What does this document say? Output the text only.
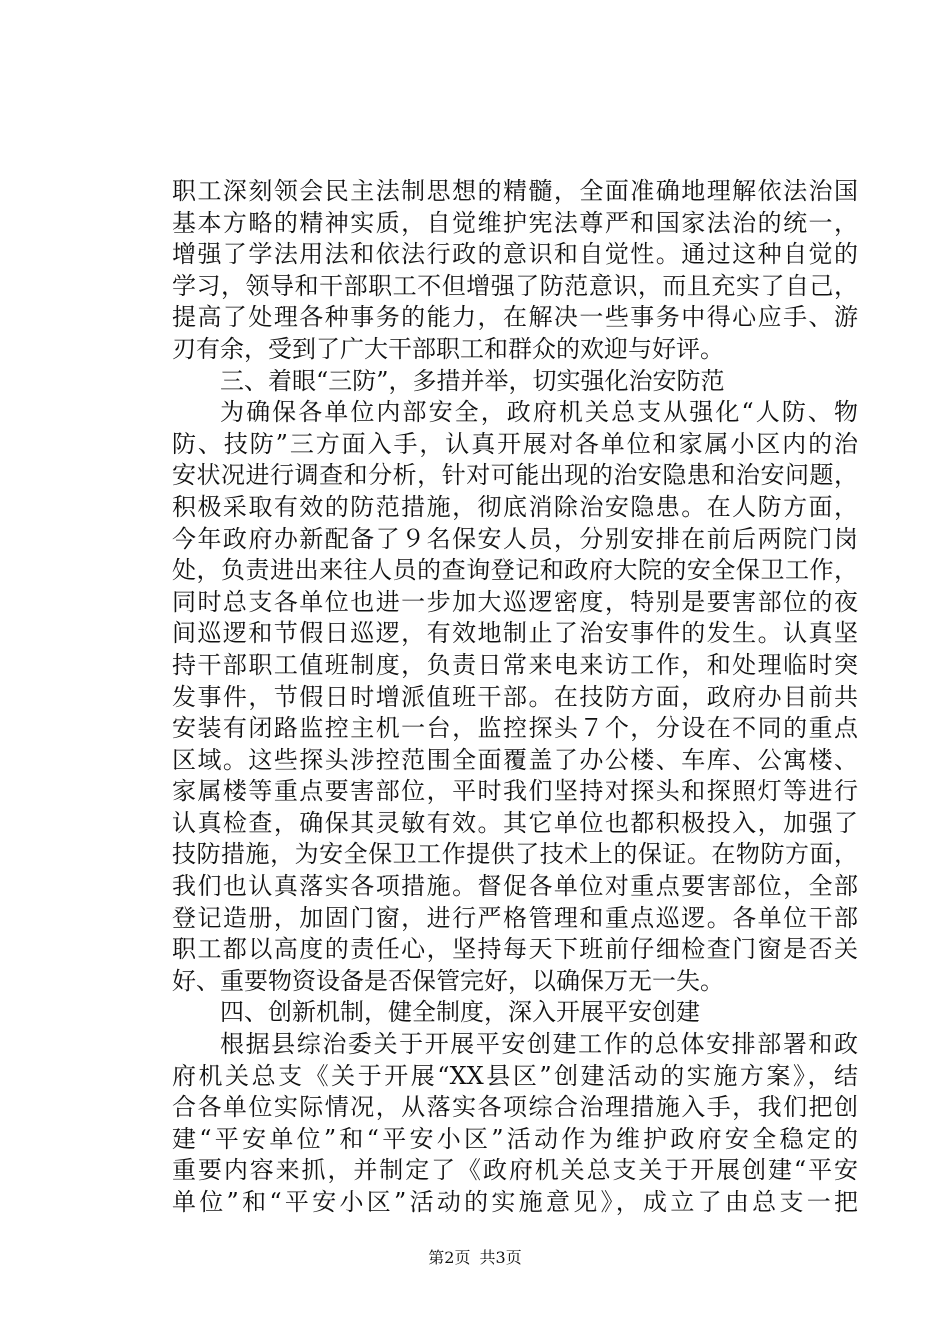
职工深刻领会民主法制思想的精髓，全面准确地理解依法治国
基本方略的精神实质，自觉维护宪法尊严和国家法治的统一，
增强了学法用法和依法行政的意识和自觉性。通过这种自觉的
学习，领导和干部职工不但增强了防范意识，而且充实了自己，
提高了处理各种事务的能力，在解决一些事务中得心应手、游
刃有余，受到了广大干部职工和群众的欢迎与好评。
三、着眼“三防”，多措并举，切实强化治安防范
为确保各单位内部安全，政府机关总支从强化“人防、物
防、技防”三方面入手，认真开展对各单位和家属小区内的治
安状况进行调查和分析，针对可能出现的治安隐患和治安问题，
积极采取有效的防范措施，彻底消除治安隐患。在人防方面，
今年政府办新配备了９名保安人员，分别安排在前后两院门岗
处，负责进出来往人员的查询登记和政府大院的安全保卫工作，
同时总支各单位也进一步加大巡逻密度，特别是要害部位的夜
间巡逻和节假日巡逻，有效地制止了治安事件的发生。认真坚
持干部职工值班制度，负责日常来电来访工作，和处理临时突
发事件，节假日时增派值班干部。在技防方面，政府办目前共
安装有闭路监控主机一台，监控探头７个，分设在不同的重点
区域。这些探头涉控范围全面覆盖了办公楼、车库、公寓楼、
家属楼等重点要害部位，平时我们坚持对探头和探照灯等进行
认真检查，确保其灵敏有效。其它单位也都积极投入，加强了
技防措施，为安全保卫工作提供了技术上的保证。在物防方面，
我们也认真落实各项措施。督促各单位对重点要害部位，全部
登记造册，加固门窗，进行严格管理和重点巡逻。各单位干部
职工都以高度的责任心，坚持每天下班前仔细检查门窗是否关
好、重要物资设备是否保管完好，以确保万无一失。
四、创新机制，健全制度，深入开展平安创建
根据县综治委关于开展平安创建工作的总体安排部署和政
府机关总支《关于开展“XX县区”创建活动的实施方案》，结
合各单位实际情况，从落实各项综合治理措施入手，我们把创
建“平安单位”和“平安小区”活动作为维护政府安全稳定的
重要内容来抓，并制定了《政府机关总支关于开展创建“平安
单位”和“平安小区”活动的实施意见》，成立了由总支一把
第2页 共3页
